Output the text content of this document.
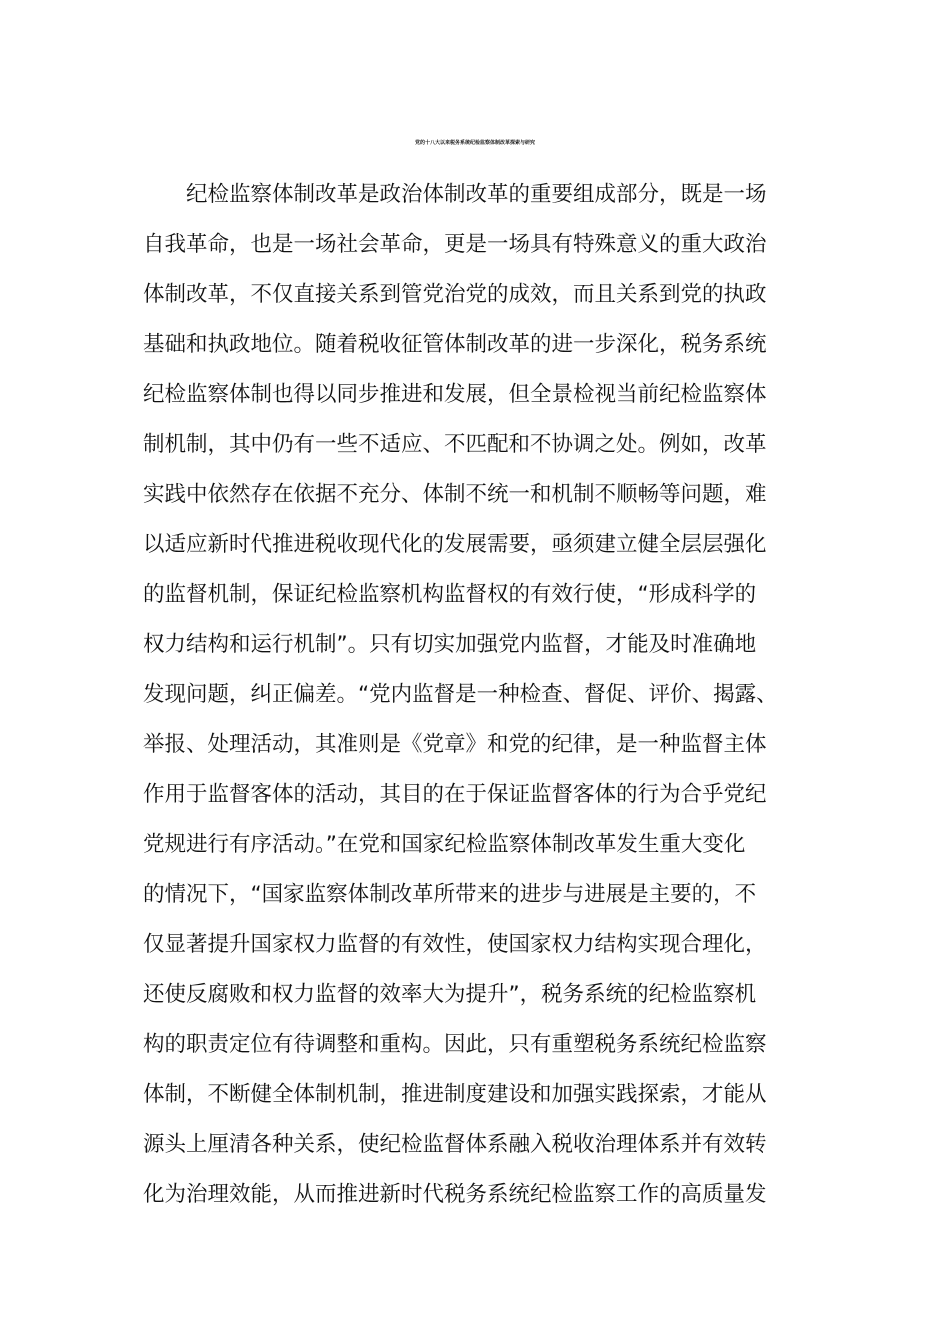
党的十八大以来税务系统纪检监察体制改革探索与研究
　　纪检监察体制改革是政治体制改革的重要组成部分，既是一场
自我革命，也是一场社会革命，更是一场具有特殊意义的重大政治
体制改革，不仅直接关系到管党治党的成效，而且关系到党的执政
基础和执政地位。随着税收征管体制改革的进一步深化，税务系统
纪检监察体制也得以同步推进和发展，但全景检视当前纪检监察体
制机制，其中仍有一些不适应、不匹配和不协调之处。例如，改革
实践中依然存在依据不充分、体制不统一和机制不顺畅等问题，难
以适应新时代推进税收现代化的发展需要，亟须建立健全层层强化
的监督机制，保证纪检监察机构监督权的有效行使，“形成科学的
权力结构和运行机制”。只有切实加强党内监督，才能及时准确地
发现问题，纠正偏差。“党内监督是一种检查、督促、评价、揭露、
举报、处理活动，其准则是《党章》和党的纪律，是一种监督主体
作用于监督客体的活动，其目的在于保证监督客体的行为合乎党纪
党规进行有序活动。”在党和国家纪检监察体制改革发生重大变化
的情况下，“国家监察体制改革所带来的进步与进展是主要的，不
仅显著提升国家权力监督的有效性，使国家权力结构实现合理化，
还使反腐败和权力监督的效率大为提升”，税务系统的纪检监察机
构的职责定位有待调整和重构。因此，只有重塑税务系统纪检监察
体制，不断健全体制机制，推进制度建设和加强实践探索，才能从
源头上厘清各种关系，使纪检监督体系融入税收治理体系并有效转
化为治理效能，从而推进新时代税务系统纪检监察工作的高质量发
